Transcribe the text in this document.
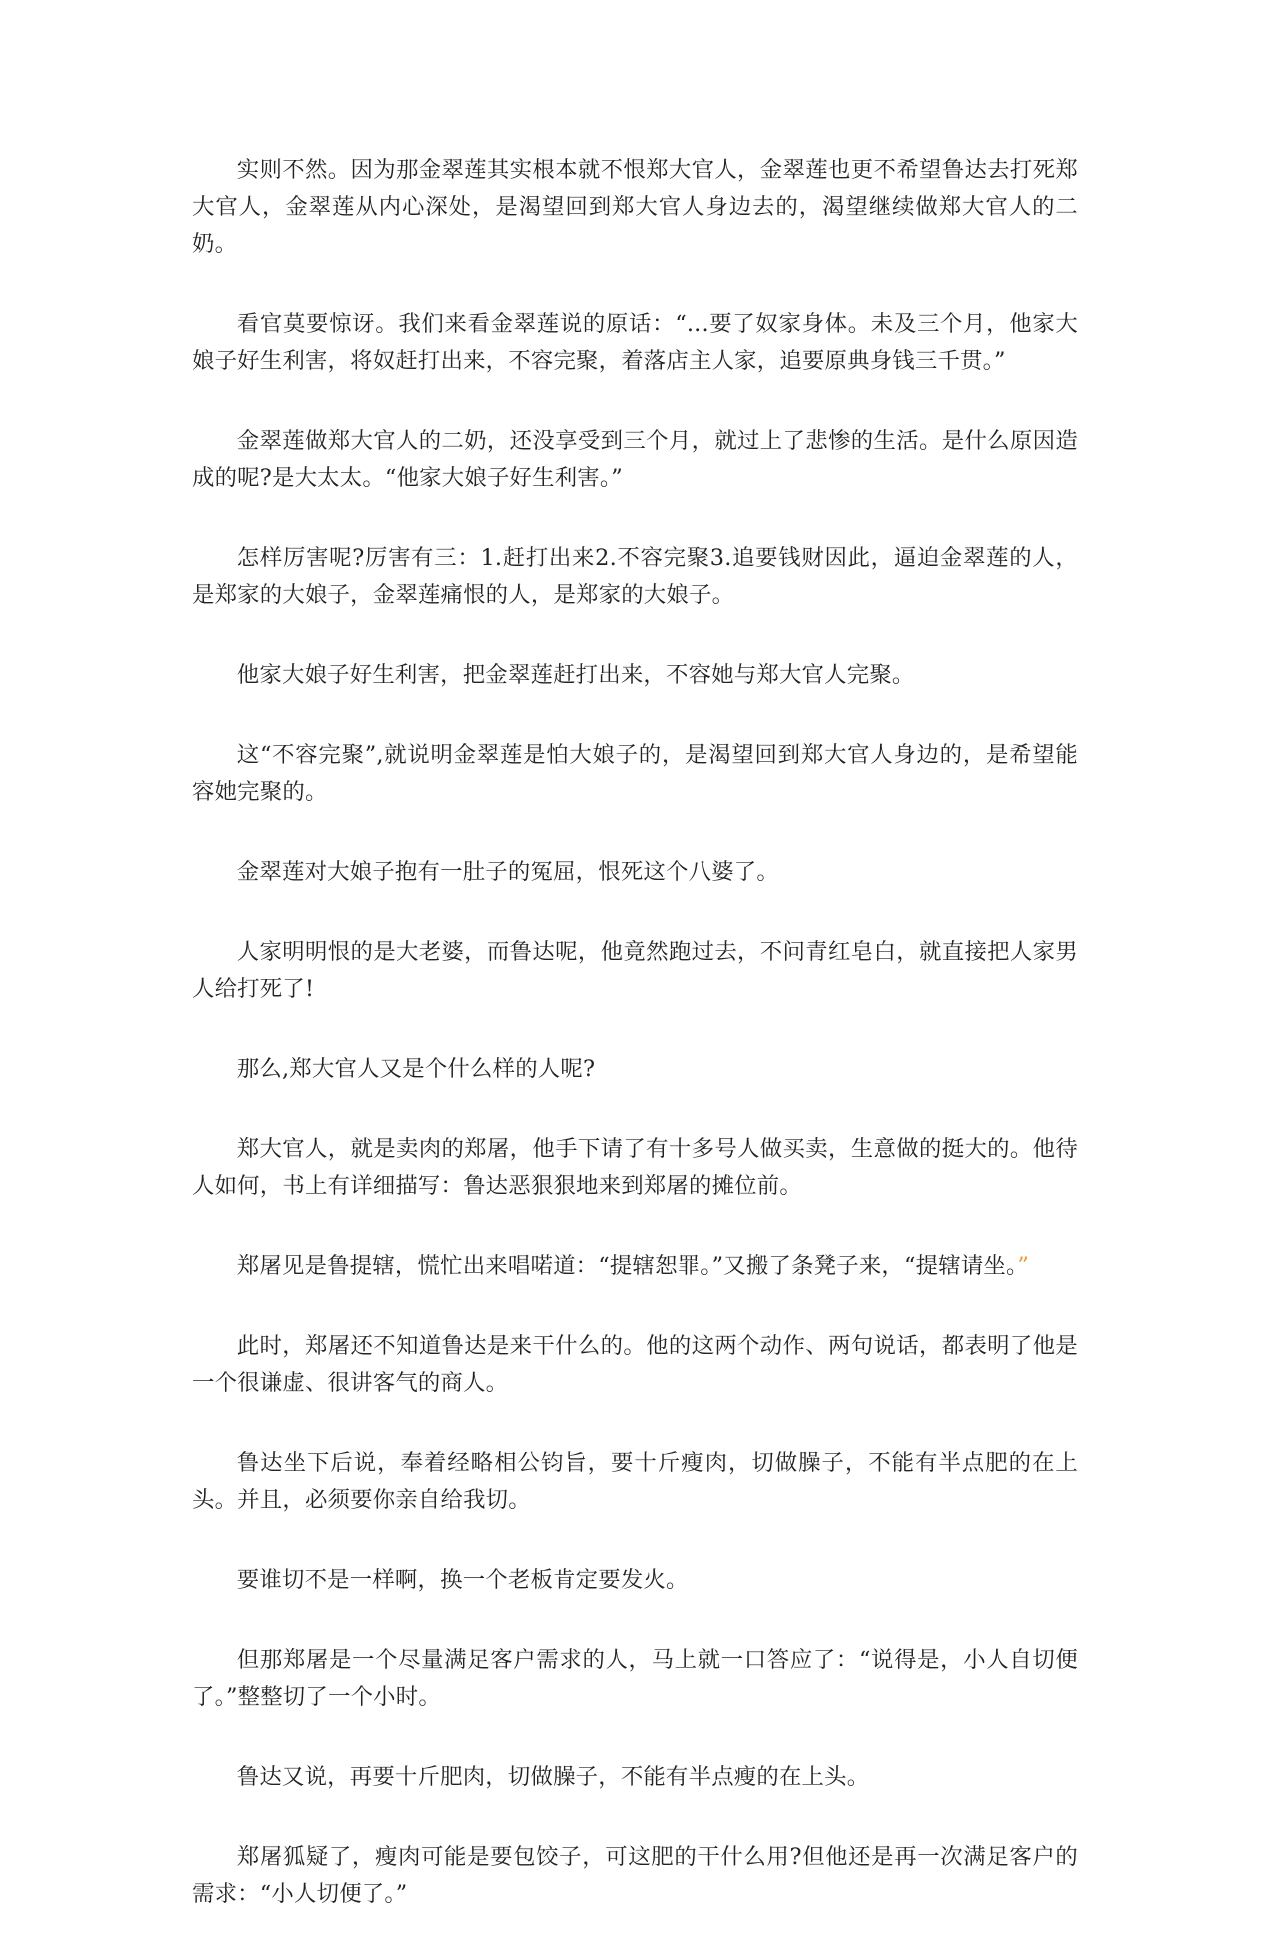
实则不然。因为那金翠莲其实根本就不恨郑大官人，金翠莲也更不希望鲁达去打死郑大官人，金翠莲从内心深处，是渴望回到郑大官人身边去的，渴望继续做郑大官人的二奶。

看官莫要惊讶。我们来看金翠莲说的原话：“...要了奴家身体。未及三个月，他家大娘子好生利害，将奴赶打出来，不容完聚，着落店主人家，追要原典身钱三千贯。”

金翠莲做郑大官人的二奶，还没享受到三个月，就过上了悲惨的生活。是什么原因造成的呢?是大太太。“他家大娘子好生利害。”

怎样厉害呢?厉害有三：1.赶打出来2.不容完聚3.追要钱财因此，逼迫金翠莲的人，是郑家的大娘子，金翠莲痛恨的人，是郑家的大娘子。

他家大娘子好生利害，把金翠莲赶打出来，不容她与郑大官人完聚。

这“不容完聚”,就说明金翠莲是怕大娘子的，是渴望回到郑大官人身边的，是希望能容她完聚的。

金翠莲对大娘子抱有一肚子的冤屈，恨死这个八婆了。

人家明明恨的是大老婆，而鲁达呢，他竟然跑过去，不问青红皂白，就直接把人家男人给打死了!

那么,郑大官人又是个什么样的人呢?

郑大官人，就是卖肉的郑屠，他手下请了有十多号人做买卖，生意做的挺大的。他待人如何，书上有详细描写：鲁达恶狠狠地来到郑屠的摊位前。

郑屠见是鲁提辖，慌忙出来唱喏道：“提辖恕罪。”又搬了条凳子来，“提辖请坐。”

此时，郑屠还不知道鲁达是来干什么的。他的这两个动作、两句说话，都表明了他是一个很谦虚、很讲客气的商人。

鲁达坐下后说，奉着经略相公钧旨，要十斤瘦肉，切做臊子，不能有半点肥的在上头。并且，必须要你亲自给我切。

要谁切不是一样啊，换一个老板肯定要发火。

但那郑屠是一个尽量满足客户需求的人，马上就一口答应了：“说得是，小人自切便了。”整整切了一个小时。

鲁达又说，再要十斤肥肉，切做臊子，不能有半点瘦的在上头。

郑屠狐疑了，瘦肉可能是要包饺子，可这肥的干什么用?但他还是再一次满足客户的需求：“小人切便了。”
